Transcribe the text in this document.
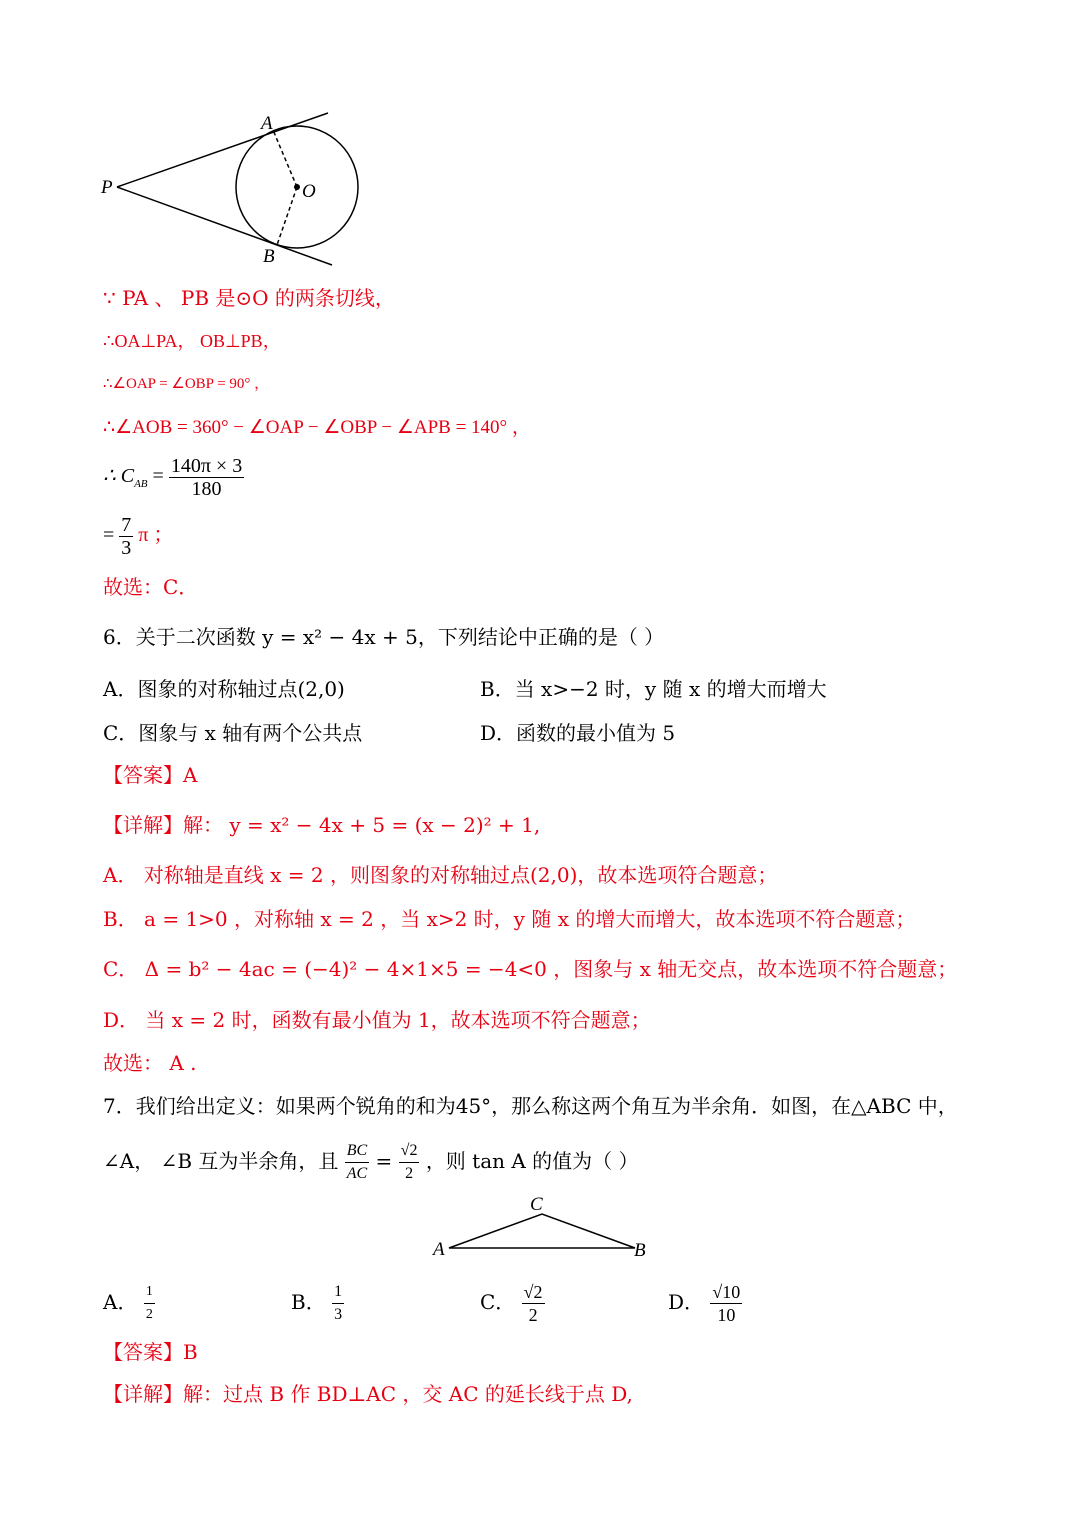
A
P	O
B
∵ PA 、 PB 是⊙O 的两条切线，
∴OA⊥PA， OB⊥PB，
∴∠OAP = ∠OBP = 90° ，
∴∠AOB = 360° − ∠OAP − ∠OBP − ∠APB = 140° ，
∴ $C_{AB} = \frac{140\pi \times 3}{180}$
= $\frac{7}{3}$ π ；
故选：C．
6．关于二次函数 y = x² − 4x + 5，下列结论中正确的是（ ）
A．图象的对称轴过点(2,0)	B．当 x>−2 时，y 随 x 的增大而增大
C．图象与 x 轴有两个公共点	D．函数的最小值为 5
【答案】A
【详解】解： y = x² − 4x + 5 = (x − 2)² + 1,
A． 对称轴是直线 x = 2 ，则图象的对称轴过点(2,0)，故本选项符合题意；
B． a = 1>0 ，对称轴 x = 2 ，当 x>2 时，y 随 x 的增大而增大，故本选项不符合题意；
C． Δ = b² − 4ac = (−4)² − 4×1×5 = −4<0 ，图象与 x 轴无交点，故本选项不符合题意；
D． 当 x = 2 时，函数有最小值为 1，故本选项不符合题意；
故选： A .
7．我们给出定义：如果两个锐角的和为45°，那么称这两个角互为半余角．如图，在△ABC 中，
∠A， ∠B 互为半余角，且 $\frac{BC}{AC} = \frac{√2}{2}$ ，则 tan A 的值为（ ）
A
C
B
A． $\frac{1}{2}$	B． $\frac{1}{3}$	C． $\frac{√2}{2}$	D． $\frac{√10}{10}$
【答案】B
【详解】解：过点 B 作 BD⊥AC ，交 AC 的延长线于点 D,
